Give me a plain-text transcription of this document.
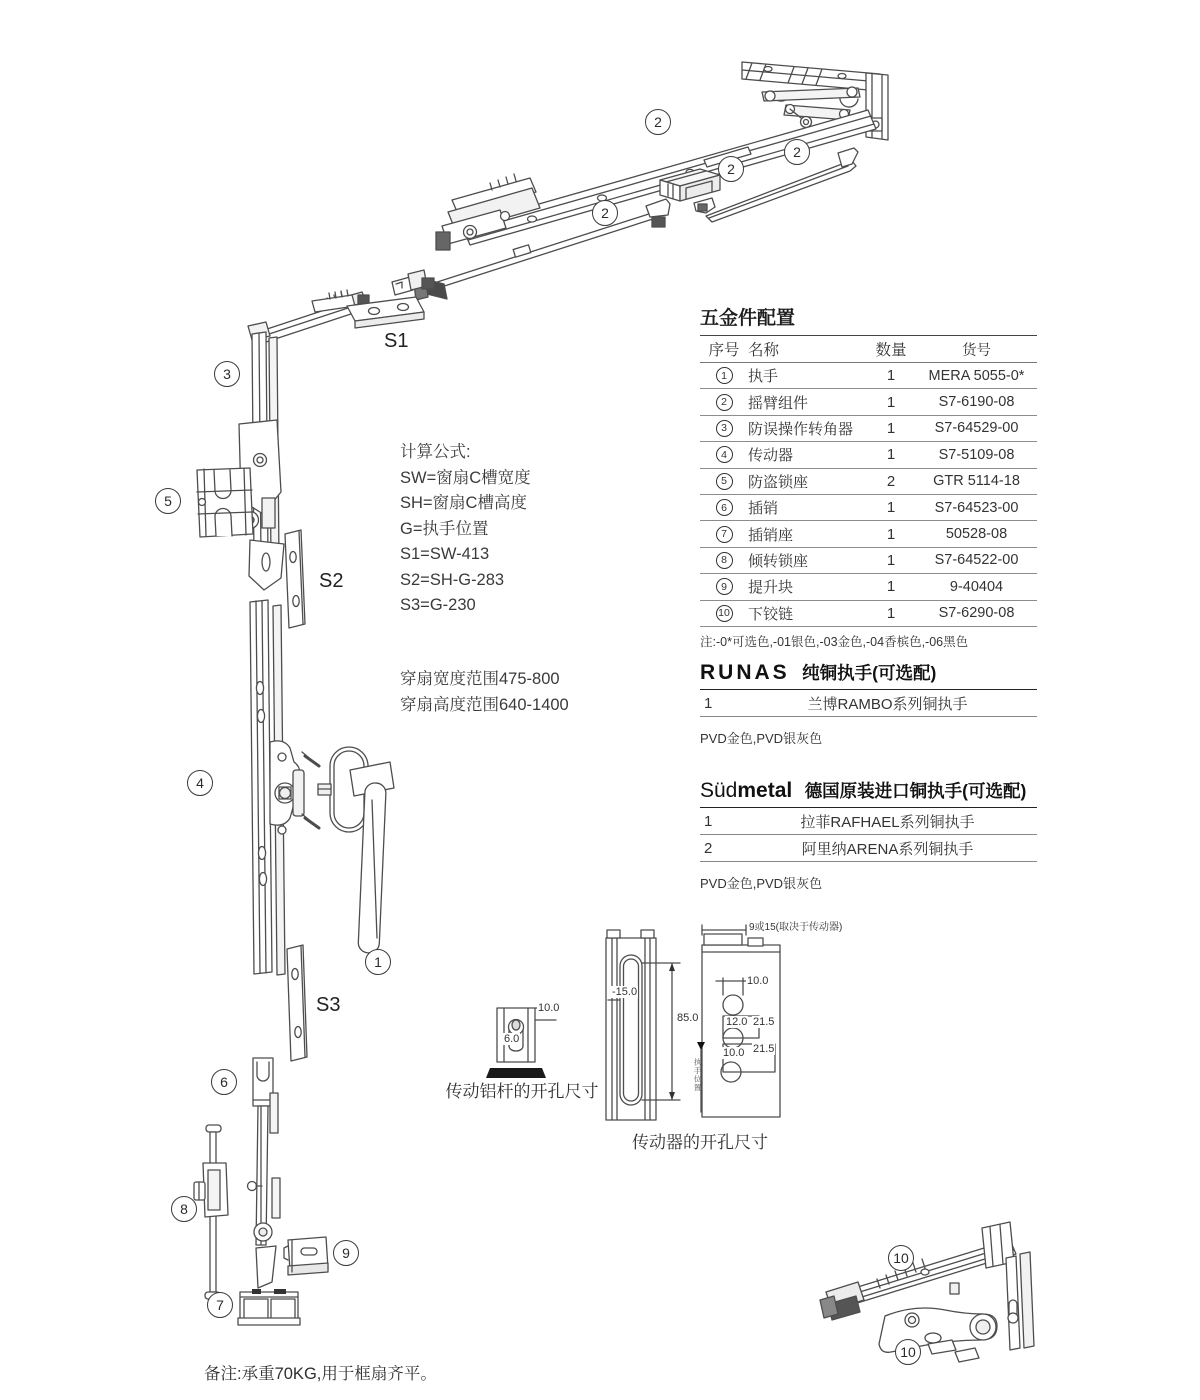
2
2
2
2
3
5
4
1
6
8
9
7
10
10
S1
S2
S3
计算公式:
SW=窗扇C槽宽度
SH=窗扇C槽高度
G=执手位置
S1=SW-413
S2=SH-G-283
S3=G-230
穿扇宽度范围475-800
穿扇高度范围640-1400
五金件配置
序号 名称	数量	货号
1	执手	1	MERA 5055-0*
2	摇臂组件	1	S7-6190-08
3	防误操作转角器	1	S7-64529-00
4	传动器	1	S7-5109-08
5	防盗锁座	2	GTR 5114-18
6	插销	1	S7-64523-00
7	插销座	1	50528-08
8	倾转锁座	1	S7-64522-00
9	提升块	1	9-40404
10 下铰链	1	S7-6290-08
注:-0*可选色,-01银色,-03金色,-04香槟色,-06黑色
RUNAS 纯铜执手(可选配)
1	兰博RAMBO系列铜执手
PVD金色,PVD银灰色
Südmetal 德国原装进口铜执手(可选配)
1	拉菲RAFHAEL系列铜执手
2	阿里纳ARENA系列铜执手
PVD金色,PVD银灰色
10.0
6.0
传动铝杆的开孔尺寸
-15.0
85.0
9或15(取决于传动器)
10.0
12.0 21.5
21.5
10.0
执手位置
传动器的开孔尺寸
备注:承重70KG,用于框扇齐平。
